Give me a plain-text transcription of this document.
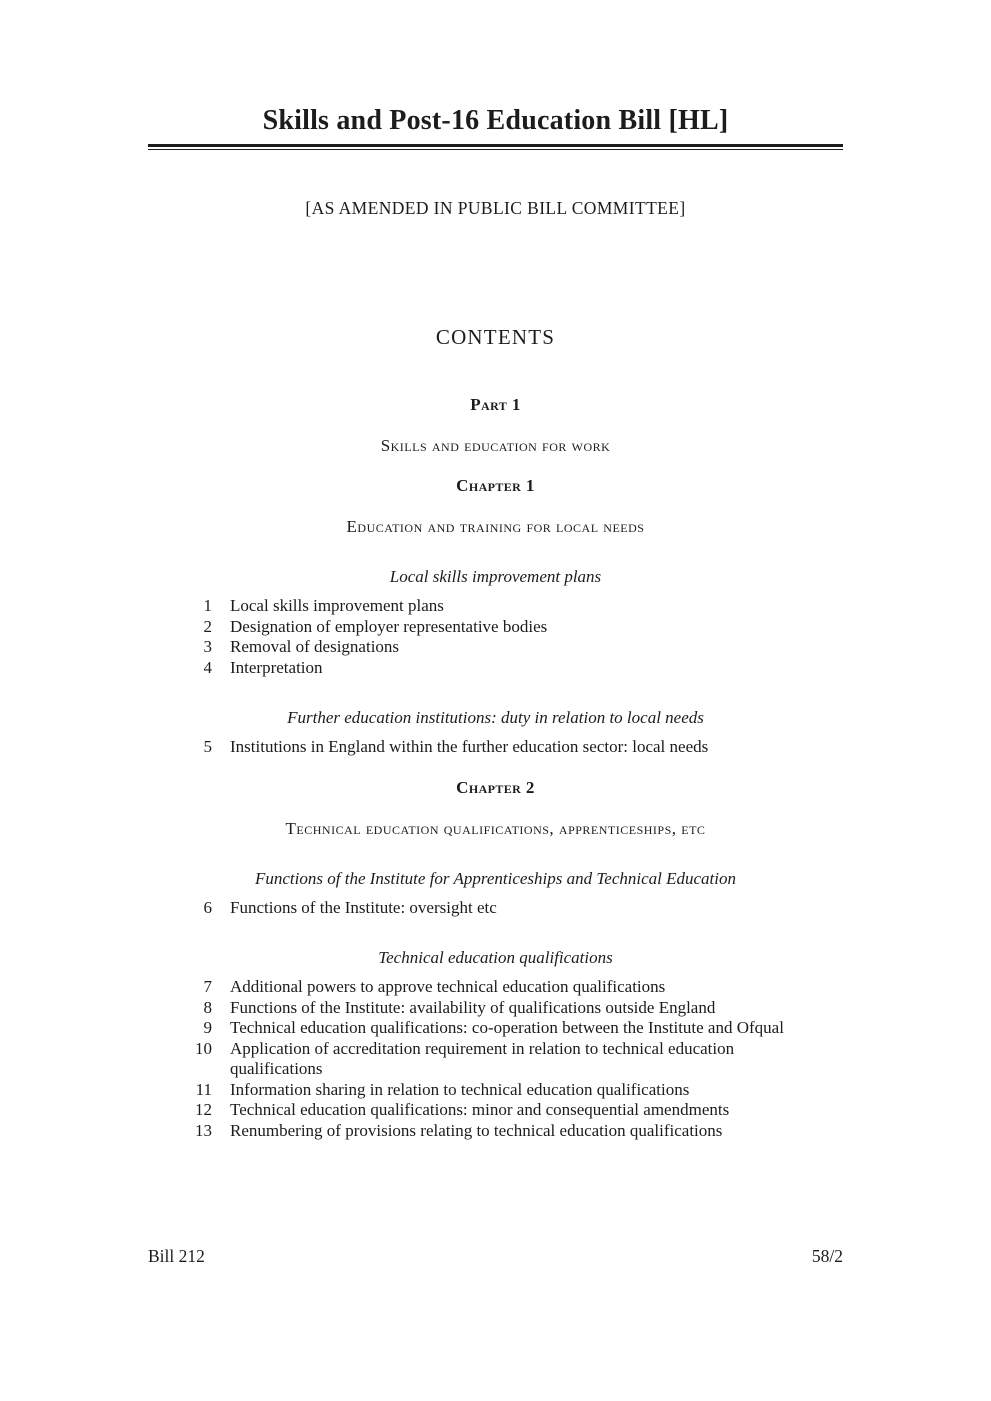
Skills and Post-16 Education Bill [HL]
[AS AMENDED IN PUBLIC BILL COMMITTEE]
CONTENTS
Part 1
Skills and education for work
Chapter 1
Education and training for local needs
Local skills improvement plans
1	Local skills improvement plans
2	Designation of employer representative bodies
3	Removal of designations
4	Interpretation
Further education institutions: duty in relation to local needs
5	Institutions in England within the further education sector: local needs
Chapter 2
Technical education qualifications, apprenticeships, etc
Functions of the Institute for Apprenticeships and Technical Education
6	Functions of the Institute: oversight etc
Technical education qualifications
7	Additional powers to approve technical education qualifications
8	Functions of the Institute: availability of qualifications outside England
9	Technical education qualifications: co-operation between the Institute and Ofqual
10	Application of accreditation requirement in relation to technical education qualifications
11	Information sharing in relation to technical education qualifications
12	Technical education qualifications: minor and consequential amendments
13	Renumbering of provisions relating to technical education qualifications
Bill 212	58/2
